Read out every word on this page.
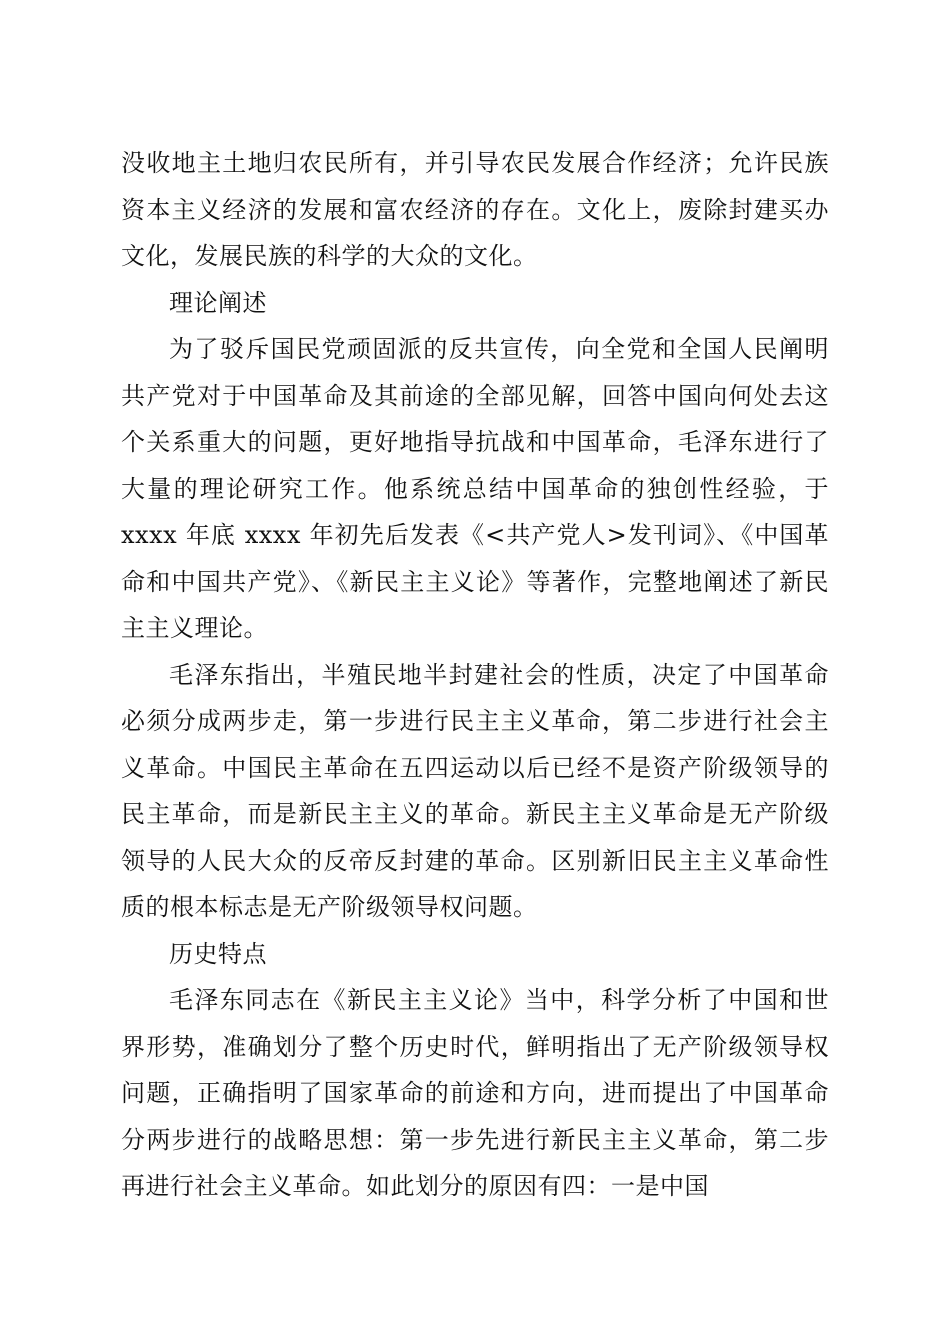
没收地主土地归农民所有，并引导农民发展合作经济；允许民族资本主义经济的发展和富农经济的存在。文化上，废除封建买办文化，发展民族的科学的大众的文化。

理论阐述

为了驳斥国民党顽固派的反共宣传，向全党和全国人民阐明共产党对于中国革命及其前途的全部见解，回答中国向何处去这个关系重大的问题，更好地指导抗战和中国革命，毛泽东进行了大量的理论研究工作。他系统总结中国革命的独创性经验，于 xxxx 年底 xxxx 年初先后发表《<共产党人>发刊词》、《中国革命和中国共产党》、《新民主主义论》等著作，完整地阐述了新民主主义理论。

毛泽东指出，半殖民地半封建社会的性质，决定了中国革命必须分成两步走，第一步进行民主主义革命，第二步进行社会主义革命。中国民主革命在五四运动以后已经不是资产阶级领导的民主革命，而是新民主主义的革命。新民主主义革命是无产阶级领导的人民大众的反帝反封建的革命。区别新旧民主主义革命性质的根本标志是无产阶级领导权问题。

历史特点

毛泽东同志在《新民主主义论》当中，科学分析了中国和世界形势，准确划分了整个历史时代，鲜明指出了无产阶级领导权问题，正确指明了国家革命的前途和方向，进而提出了中国革命分两步进行的战略思想：第一步先进行新民主主义革命，第二步再进行社会主义革命。如此划分的原因有四：一是中国
